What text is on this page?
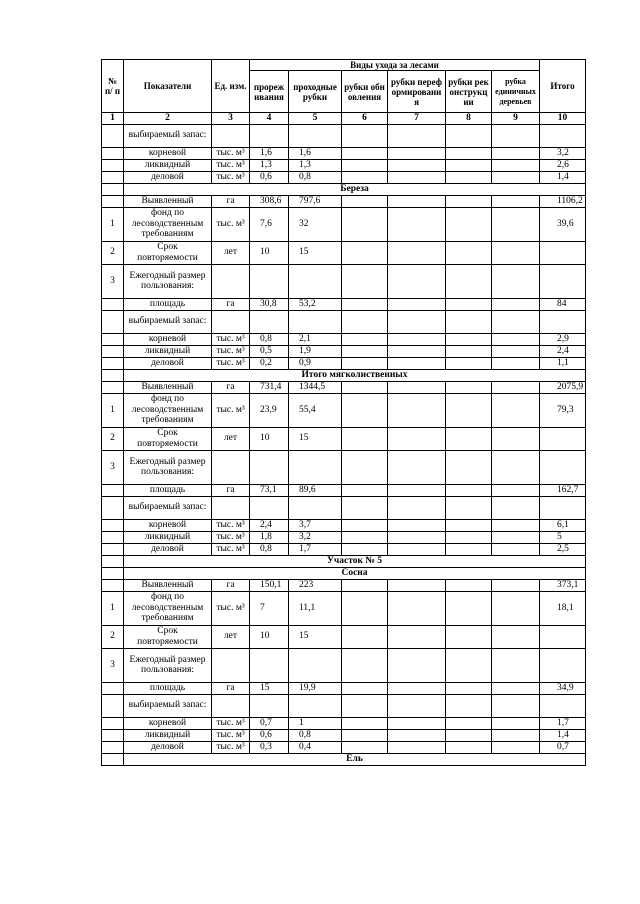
№ п/ п	Показатели	Ед. изм.	Виды ухода за лесами						Итого
			прореживания	проходные рубки	рубки обновления	рубки переформирования	рубки реконструкции	рубка единичных деревьев	
1	2	3	4	5	6	7	8	9	10
	выбираемый запас:								
	корневой	тыс. м³	1,6	1,6					3,2
	ликвидный	тыс. м³	1,3	1,3					2,6
	деловой	тыс. м³	0,6	0,8					1,4
	Береза								
	Выявленный	га	308,6	797,6					1106,2
1	фонд по лесоводственным требованиям	тыс. м³	7,6	32					39,6
2	Срок повторяемости	лет	10	15					
3	Ежегодный размер пользования:								
	площадь	га	30,8	53,2					84
	выбираемый запас:								
	корневой	тыс. м³	0,8	2,1					2,9
	ликвидный	тыс. м³	0,5	1,9					2,4
	деловой	тыс. м³	0,2	0,9					1,1
	Итого мягколиственных								
	Выявленный	га	731,4	1344,5					2075,9
1	фонд по лесоводственным требованиям	тыс. м³	23,9	55,4					79,3
2	Срок повторяемости	лет	10	15					
3	Ежегодный размер пользования:								
	площадь	га	73,1	89,6					162,7
	выбираемый запас:								
	корневой	тыс. м³	2,4	3,7					6,1
	ликвидный	тыс. м³	1,8	3,2					5
	деловой	тыс. м³	0,8	1,7					2,5
	Участок № 5								
	Сосна								
	Выявленный	га	150,1	223					373,1
1	фонд по лесоводственным требованиям	тыс. м³	7	11,1					18,1
2	Срок повторяемости	лет	10	15					
3	Ежегодный размер пользования:								
	площадь	га	15	19,9					34,9
	выбираемый запас:								
	корневой	тыс. м³	0,7	1					1,7
	ликвидный	тыс. м³	0,6	0,8					1,4
	деловой	тыс. м³	0,3	0,4					0,7
	Ель								
